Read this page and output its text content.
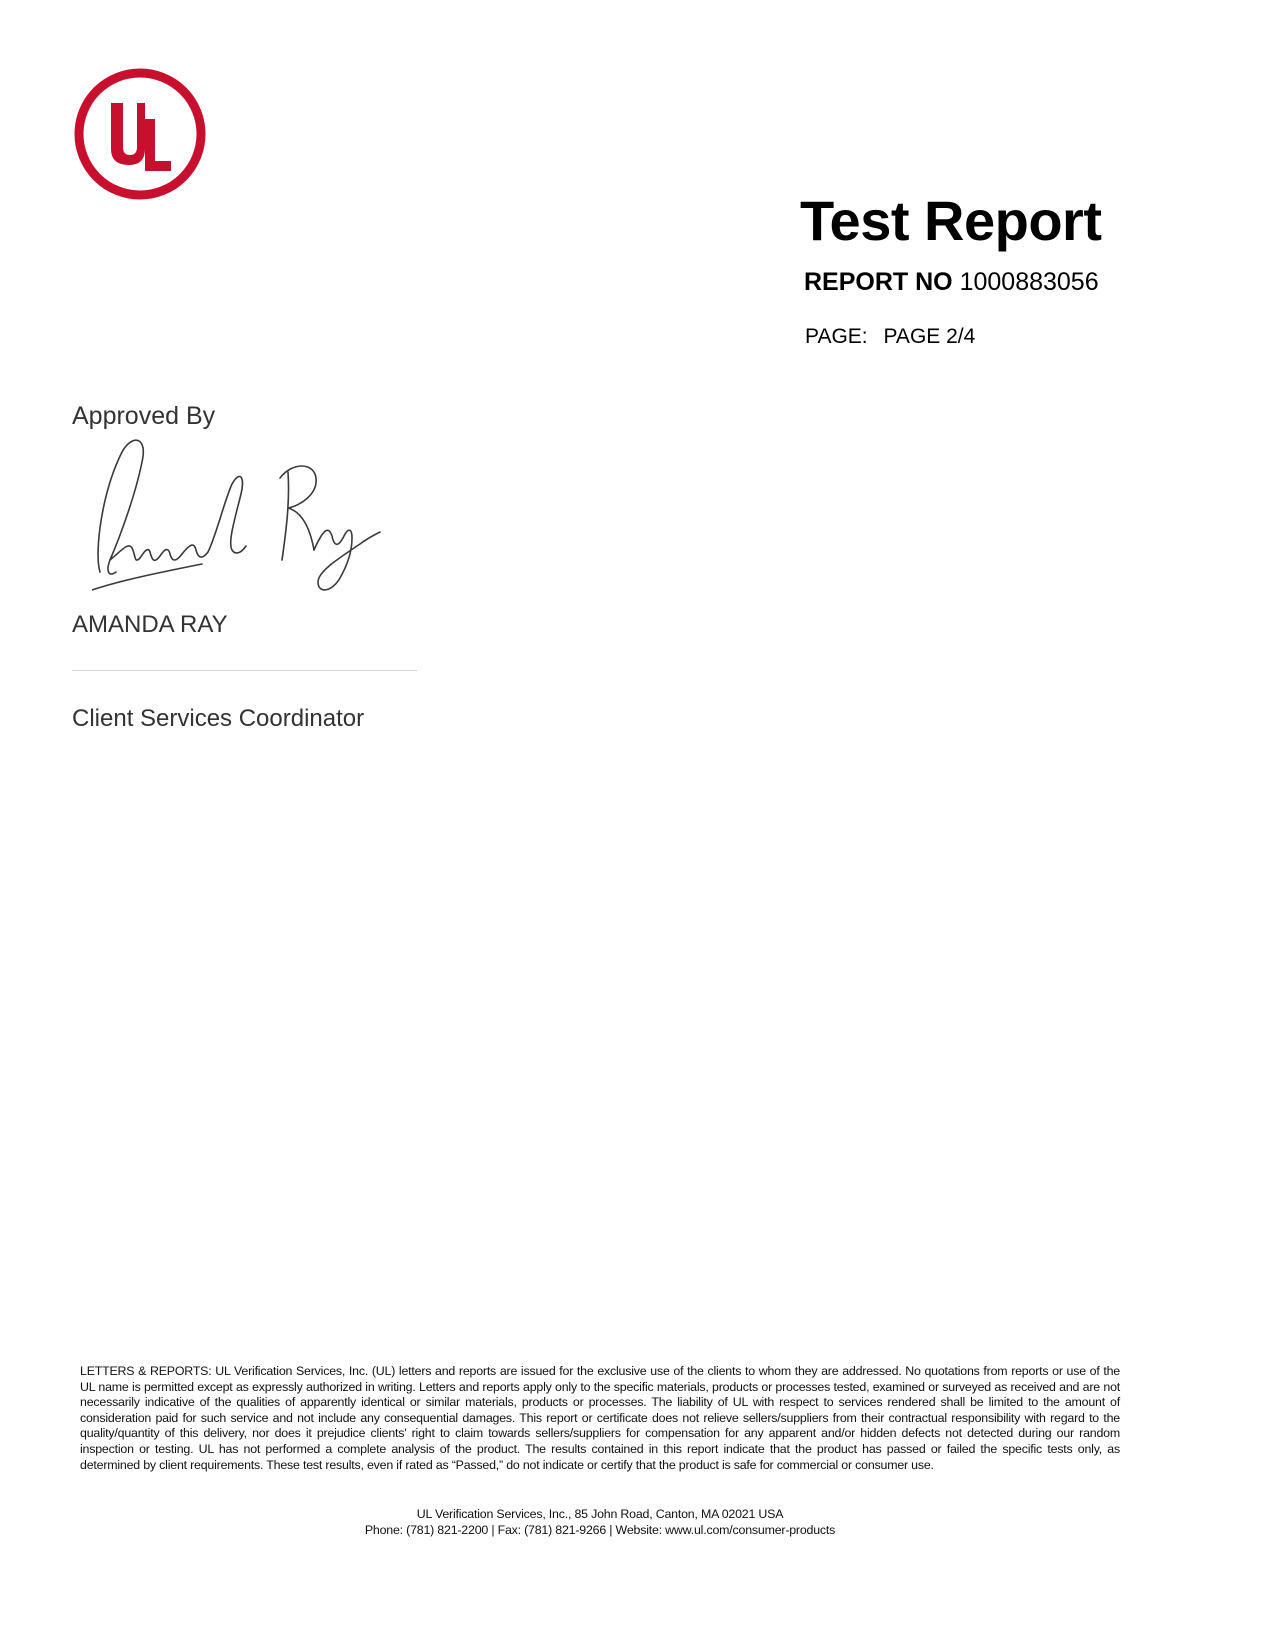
Test Report
REPORT NO 1000883056
PAGE: PAGE 2/4
Approved By
AMANDA RAY
Client Services Coordinator
LETTERS & REPORTS: UL Verification Services, Inc. (UL) letters and reports are issued for the exclusive use of the clients to whom they are addressed. No quotations from reports or use of the UL name is permitted except as expressly authorized in writing. Letters and reports apply only to the specific materials, products or processes tested, examined or surveyed as received and are not necessarily indicative of the qualities of apparently identical or similar materials, products or processes. The liability of UL with respect to services rendered shall be limited to the amount of consideration paid for such service and not include any consequential damages. This report or certificate does not relieve sellers/suppliers from their contractual responsibility with regard to the quality/quantity of this delivery, nor does it prejudice clients' right to claim towards sellers/suppliers for compensation for any apparent and/or hidden defects not detected during our random inspection or testing. UL has not performed a complete analysis of the product. The results contained in this report indicate that the product has passed or failed the specific tests only, as determined by client requirements. These test results, even if rated as “Passed,” do not indicate or certify that the product is safe for commercial or consumer use.
UL Verification Services, Inc., 85 John Road, Canton, MA 02021 USA
Phone: (781) 821-2200 | Fax: (781) 821-9266 | Website: www.ul.com/consumer-products
